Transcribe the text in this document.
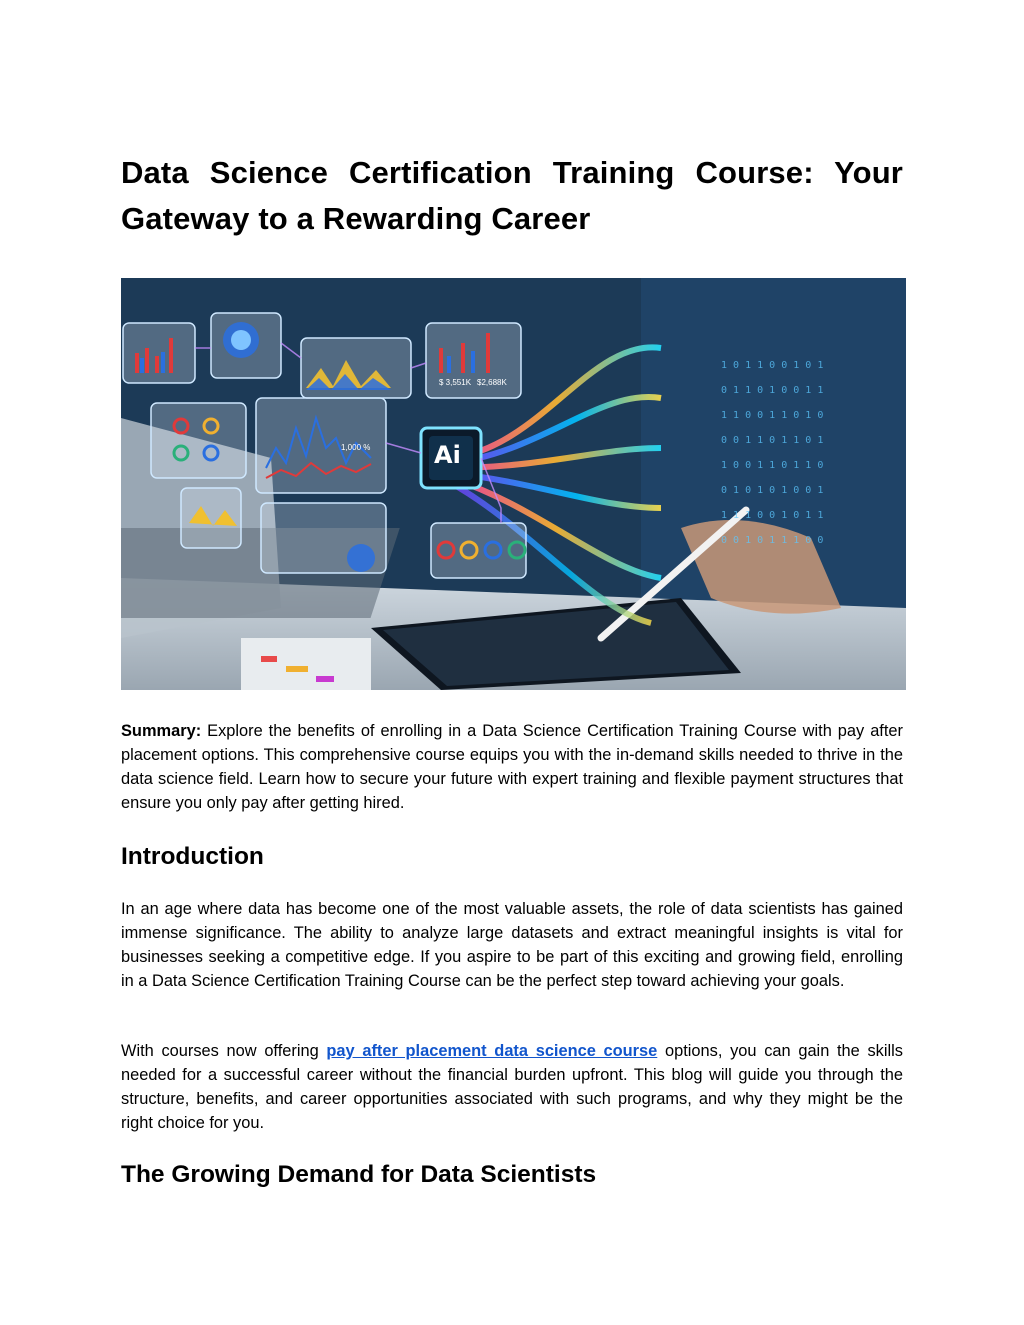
Data Science Certification Training Course: Your Gateway to a Rewarding Career
1 0 1 1 0 0 1 0 1
0 1 1 0 1 0 0 1 1
1 1 0 0 1 1 0 1 0
0 0 1 1 0 1 1 0 1
1 0 0 1 1 0 1 1 0
0 1 0 1 0 1 0 0 1
1 1 1 0 0 1 0 1 1
0 0 1 0 1 1 1 0 0
Ai
$ 3,551K $2,688K
1,000 %

Summary: Explore the benefits of enrolling in a Data Science Certification Training Course with pay after placement options. This comprehensive course equips you with the in-demand skills needed to thrive in the data science field. Learn how to secure your future with expert training and flexible payment structures that ensure you only pay after getting hired.

Introduction

In an age where data has become one of the most valuable assets, the role of data scientists has gained immense significance. The ability to analyze large datasets and extract meaningful insights is vital for businesses seeking a competitive edge. If you aspire to be part of this exciting and growing field, enrolling in a Data Science Certification Training Course can be the perfect step toward achieving your goals.

With courses now offering pay after placement data science course options, you can gain the skills needed for a successful career without the financial burden upfront. This blog will guide you through the structure, benefits, and career opportunities associated with such programs, and why they might be the right choice for you.

The Growing Demand for Data Scientists
